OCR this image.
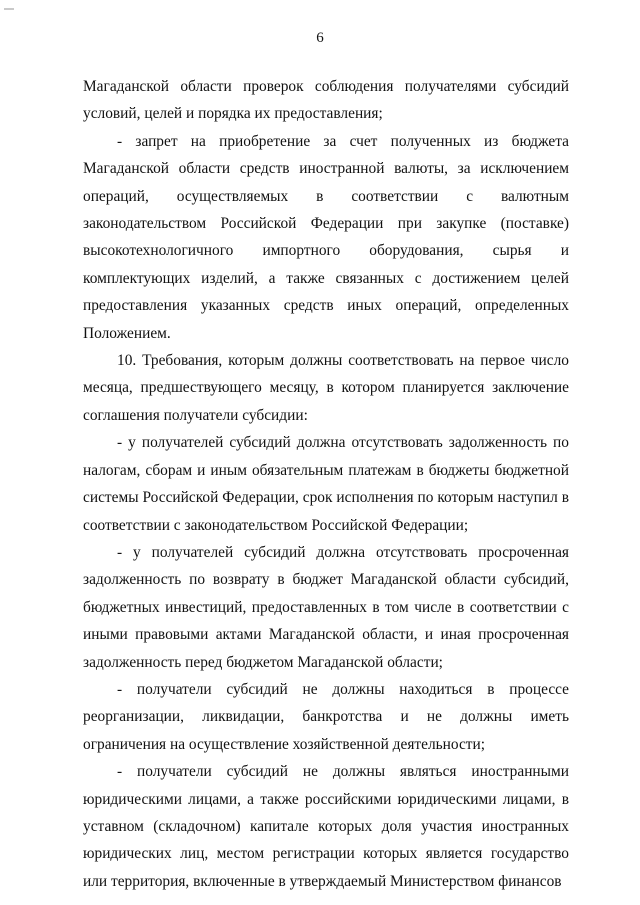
6

Магаданской области проверок соблюдения получателями субсидий условий, целей и порядка их предоставления;

- запрет на приобретение за счет полученных из бюджета Магаданской области средств иностранной валюты, за исключением операций, осуществляемых в соответствии с валютным законодательством Российской Федерации при закупке (поставке) высокотехнологичного импортного оборудования, сырья и комплектующих изделий, а также связанных с достижением целей предоставления указанных средств иных операций, определенных Положением.

10. Требования, которым должны соответствовать на первое число месяца, предшествующего месяцу, в котором планируется заключение соглашения получатели субсидии:

- у получателей субсидий должна отсутствовать задолженность по налогам, сборам и иным обязательным платежам в бюджеты бюджетной системы Российской Федерации, срок исполнения по которым наступил в соответствии с законодательством Российской Федерации;

- у получателей субсидий должна отсутствовать просроченная задолженность по возврату в бюджет Магаданской области субсидий, бюджетных инвестиций, предоставленных в том числе в соответствии с иными правовыми актами Магаданской области, и иная просроченная задолженность перед бюджетом Магаданской области;

- получатели субсидий не должны находиться в процессе реорганизации, ликвидации, банкротства и не должны иметь ограничения на осуществление хозяйственной деятельности;

- получатели субсидий не должны являться иностранными юридическими лицами, а также российскими юридическими лицами, в уставном (складочном) капитале которых доля участия иностранных юридических лиц, местом регистрации которых является государство или территория, включенные в утверждаемый Министерством финансов
